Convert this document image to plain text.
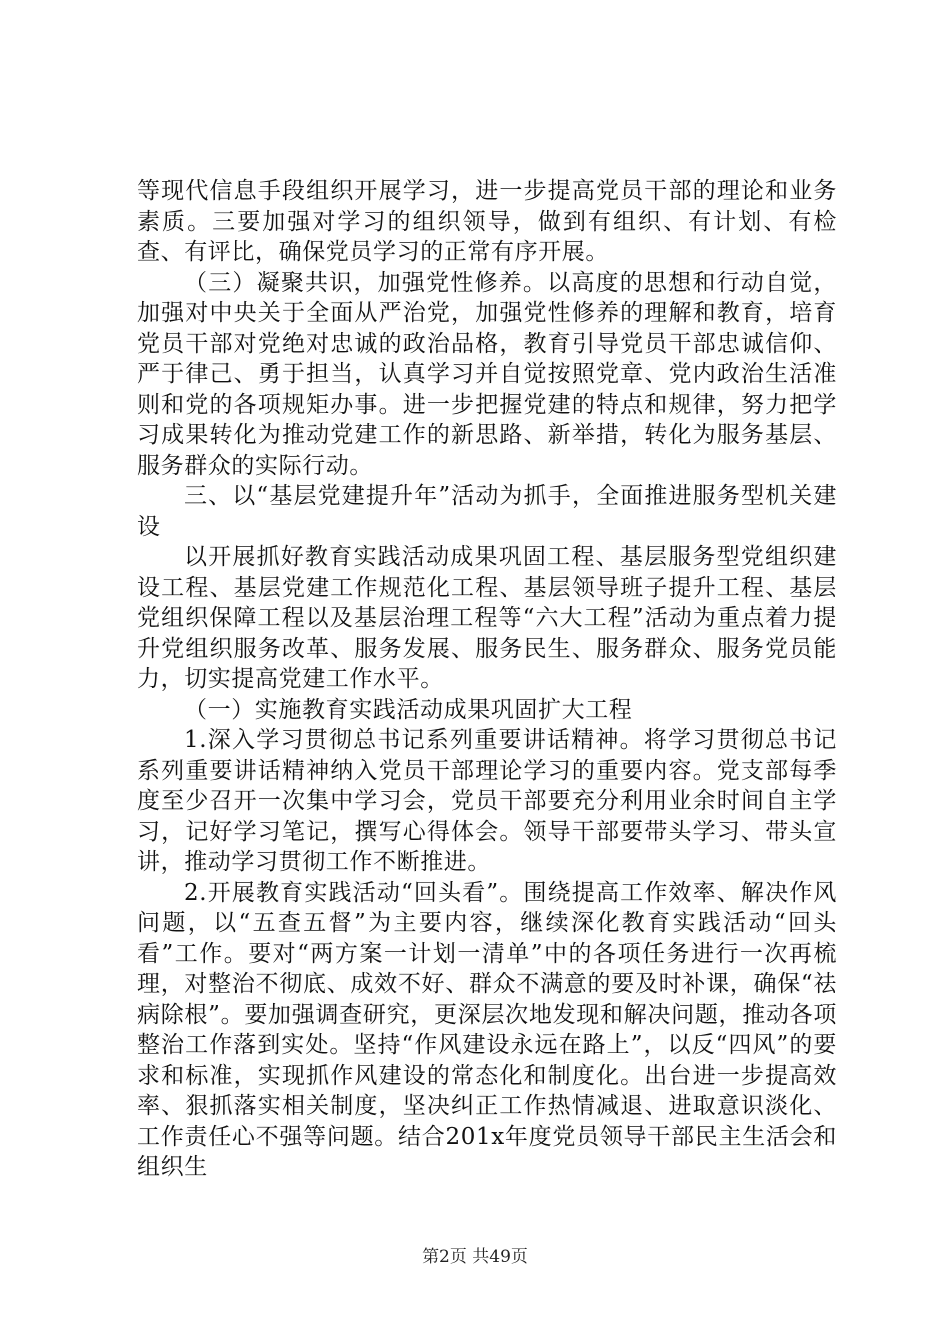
等现代信息手段组织开展学习，进一步提高党员干部的理论和业务素质。三要加强对学习的组织领导，做到有组织、有计划、有检查、有评比，确保党员学习的正常有序开展。

（三）凝聚共识，加强党性修养。以高度的思想和行动自觉，加强对中央关于全面从严治党，加强党性修养的理解和教育，培育党员干部对党绝对忠诚的政治品格，教育引导党员干部忠诚信仰、严于律己、勇于担当，认真学习并自觉按照党章、党内政治生活准则和党的各项规矩办事。进一步把握党建的特点和规律，努力把学习成果转化为推动党建工作的新思路、新举措，转化为服务基层、服务群众的实际行动。

三、以“基层党建提升年”活动为抓手，全面推进服务型机关建设

以开展抓好教育实践活动成果巩固工程、基层服务型党组织建设工程、基层党建工作规范化工程、基层领导班子提升工程、基层党组织保障工程以及基层治理工程等“六大工程”活动为重点着力提升党组织服务改革、服务发展、服务民生、服务群众、服务党员能力，切实提高党建工作水平。

（一）实施教育实践活动成果巩固扩大工程

1.深入学习贯彻总书记系列重要讲话精神。将学习贯彻总书记系列重要讲话精神纳入党员干部理论学习的重要内容。党支部每季度至少召开一次集中学习会，党员干部要充分利用业余时间自主学习，记好学习笔记，撰写心得体会。领导干部要带头学习、带头宣讲，推动学习贯彻工作不断推进。

2.开展教育实践活动“回头看”。围绕提高工作效率、解决作风问题，以“五查五督”为主要内容，继续深化教育实践活动“回头看”工作。要对“两方案一计划一清单”中的各项任务进行一次再梳理，对整治不彻底、成效不好、群众不满意的要及时补课，确保“祛病除根”。要加强调查研究，更深层次地发现和解决问题，推动各项整治工作落到实处。坚持“作风建设永远在路上”，以反“四风”的要求和标准，实现抓作风建设的常态化和制度化。出台进一步提高效率、狠抓落实相关制度，坚决纠正工作热情减退、进取意识淡化、工作责任心不强等问题。结合201x年度党员领导干部民主生活会和组织生

第2页 共49页
